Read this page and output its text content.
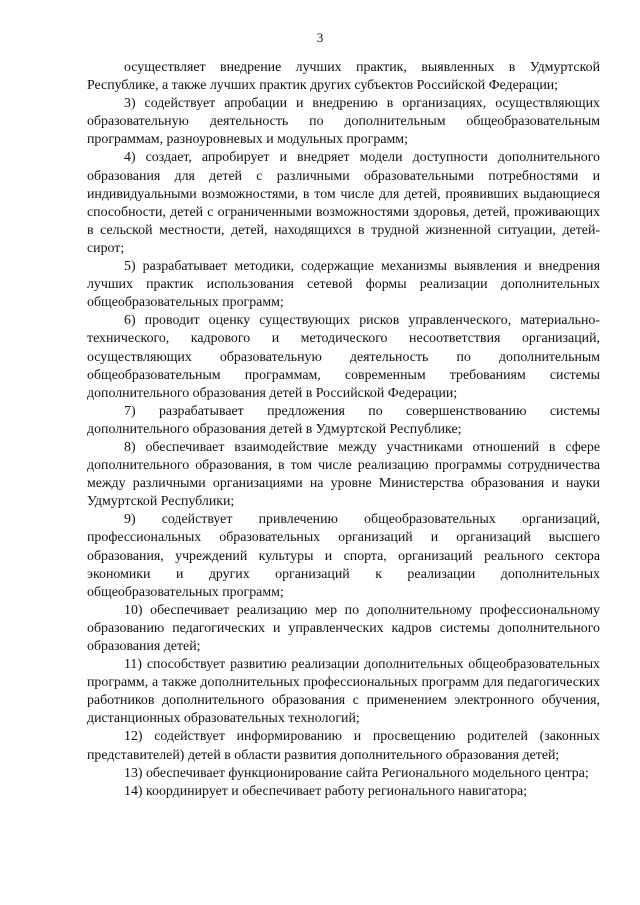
3

осуществляет внедрение лучших практик, выявленных в Удмуртской Республике, а также лучших практик других субъектов Российской Федерации;

3) содействует апробации и внедрению в организациях, осуществляющих образовательную деятельность по дополнительным общеобразовательным программам, разноуровневых и модульных программ;

4) создает, апробирует и внедряет модели доступности дополнительного образования для детей с различными образовательными потребностями и индивидуальными возможностями, в том числе для детей, проявивших выдающиеся способности, детей с ограниченными возможностями здоровья, детей, проживающих в сельской местности, детей, находящихся в трудной жизненной ситуации, детей-сирот;

5) разрабатывает методики, содержащие механизмы выявления и внедрения лучших практик использования сетевой формы реализации дополнительных общеобразовательных программ;

6) проводит оценку существующих рисков управленческого, материально-технического, кадрового и методического несоответствия организаций, осуществляющих образовательную деятельность по дополнительным общеобразовательным программам, современным требованиям системы дополнительного образования детей в Российской Федерации;

7) разрабатывает предложения по совершенствованию системы дополнительного образования детей в Удмуртской Республике;

8) обеспечивает взаимодействие между участниками отношений в сфере дополнительного образования, в том числе реализацию программы сотрудничества между различными организациями на уровне Министерства образования и науки Удмуртской Республики;

9) содействует привлечению общеобразовательных организаций, профессиональных образовательных организаций и организаций высшего образования, учреждений культуры и спорта, организаций реального сектора экономики и других организаций к реализации дополнительных общеобразовательных программ;

10) обеспечивает реализацию мер по дополнительному профессиональному образованию педагогических и управленческих кадров системы дополнительного образования детей;

11) способствует развитию реализации дополнительных общеобразовательных программ, а также дополнительных профессиональных программ для педагогических работников дополнительного образования с применением электронного обучения, дистанционных образовательных технологий;

12) содействует информированию и просвещению родителей (законных представителей) детей в области развития дополнительного образования детей;

13) обеспечивает функционирование сайта Регионального модельного центра;

14) координирует и обеспечивает работу регионального навигатора;
